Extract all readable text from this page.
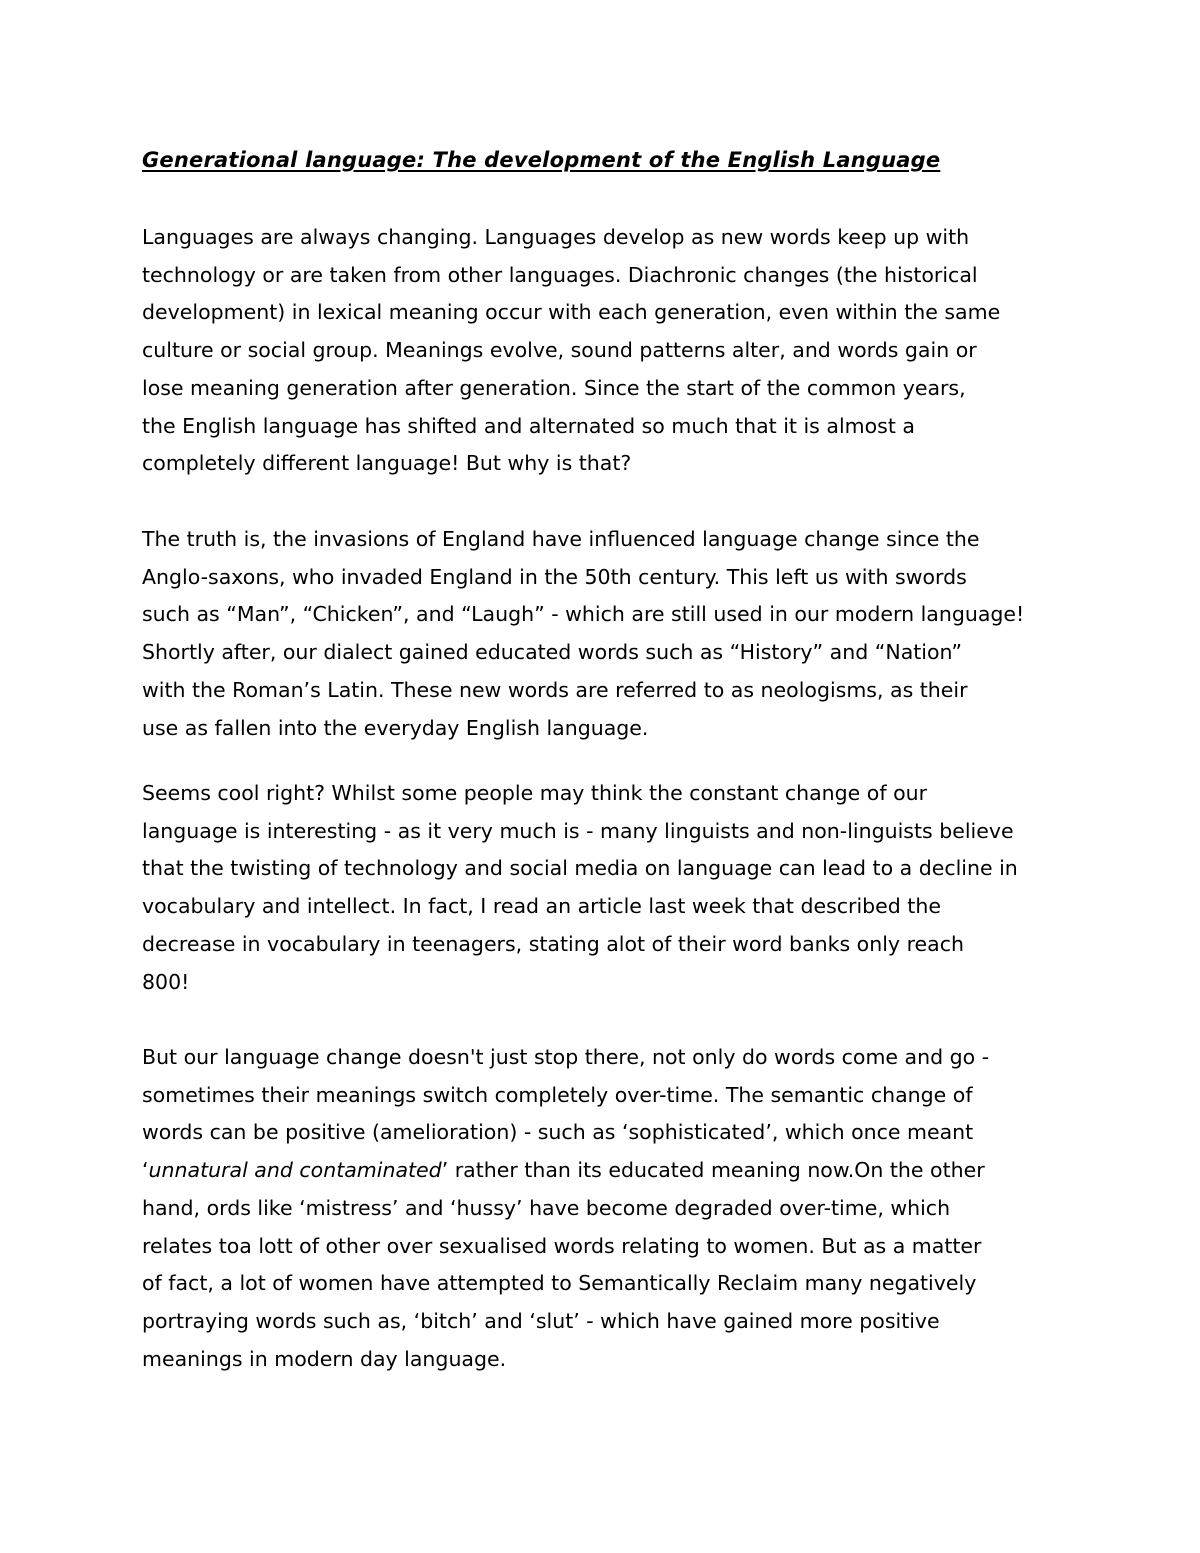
Generational language: The development of the English Language

Languages are always changing. Languages develop as new words keep up with
technology or are taken from other languages. Diachronic changes (the historical
development) in lexical meaning occur with each generation, even within the same
culture or social group. Meanings evolve, sound patterns alter, and words gain or
lose meaning generation after generation. Since the start of the common years,
the English language has shifted and alternated so much that it is almost a
completely different language! But why is that?

The truth is, the invasions of England have influenced language change since the
Anglo-saxons, who invaded England in the 50th century. This left us with swords
such as “Man”, “Chicken”, and “Laugh” - which are still used in our modern language!
Shortly after, our dialect gained educated words such as “History” and “Nation”
with the Roman’s Latin. These new words are referred to as neologisms, as their
use as fallen into the everyday English language.

Seems cool right? Whilst some people may think the constant change of our
language is interesting - as it very much is - many linguists and non-linguists believe
that the twisting of technology and social media on language can lead to a decline in
vocabulary and intellect. In fact, I read an article last week that described the
decrease in vocabulary in teenagers, stating alot of their word banks only reach
800!

But our language change doesn't just stop there, not only do words come and go -
sometimes their meanings switch completely over-time. The semantic change of
words can be positive (amelioration) - such as ‘sophisticated’, which once meant
‘unnatural and contaminated’ rather than its educated meaning now.On the other
hand, ords like ‘mistress’ and ‘hussy’ have become degraded over-time, which
relates toa lott of other over sexualised words relating to women. But as a matter
of fact, a lot of women have attempted to Semantically Reclaim many negatively
portraying words such as, ‘bitch’ and ‘slut’ - which have gained more positive
meanings in modern day language.
